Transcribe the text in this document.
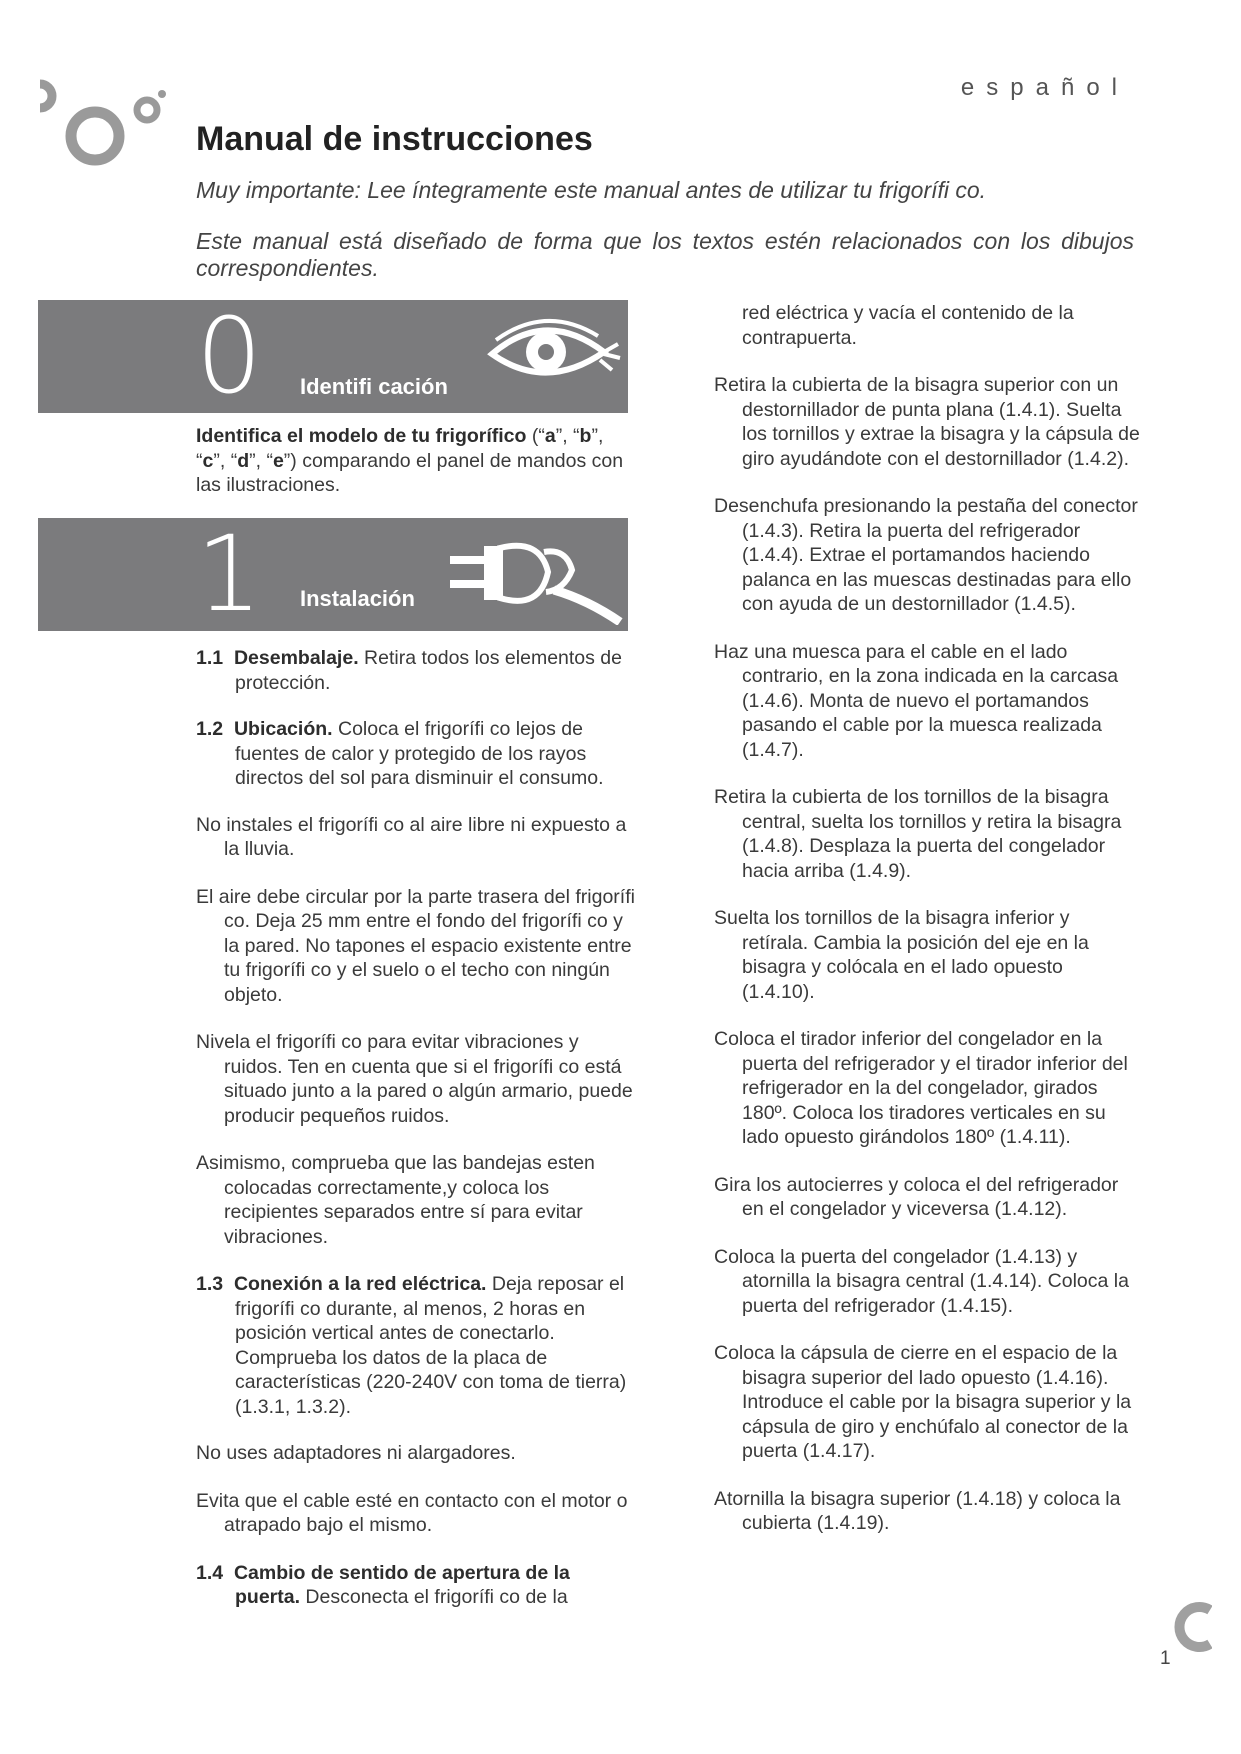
español
Manual de instrucciones
Muy importante: Lee íntegramente este manual antes de utilizar tu frigorífi co.
Este manual está diseñado de forma que los textos estén relacionados con los dibujos correspondientes.
0 Identifi cación
Identifica el modelo de tu frigorífico (“a”, “b”, “c”, “d”, “e”) comparando el panel de mandos con las ilustraciones.
1 Instalación

1.1 Desembalaje. Retira todos los elementos de protección.

1.2 Ubicación. Coloca el frigorífi co lejos de fuentes de calor y protegido de los rayos directos del sol para disminuir el consumo.

No instales el frigorífi co al aire libre ni expuesto a la lluvia.

El aire debe circular por la parte trasera del frigorífi co. Deja 25 mm entre el fondo del frigorífi co y la pared. No tapones el espacio existente entre tu frigorífi co y el suelo o el techo con ningún objeto.

Nivela el frigorífi co para evitar vibraciones y ruidos. Ten en cuenta que si el frigorífi co está situado junto a la pared o algún armario, puede producir pequeños ruidos.

Asimismo, comprueba que las bandejas esten colocadas correctamente,y coloca los recipientes separados entre sí para evitar vibraciones.

1.3 Conexión a la red eléctrica. Deja reposar el frigorífi co durante, al menos, 2 horas en posición vertical antes de conectarlo. Comprueba los datos de la placa de características (220-240V con toma de tierra) (1.3.1, 1.3.2).

No uses adaptadores ni alargadores.

Evita que el cable esté en contacto con el motor o atrapado bajo el mismo.

1.4 Cambio de sentido de apertura de la puerta. Desconecta el frigorífi co de la

red eléctrica y vacía el contenido de la contrapuerta.

Retira la cubierta de la bisagra superior con un destornillador de punta plana (1.4.1). Suelta los tornillos y extrae la bisagra y la cápsula de giro ayudándote con el destornillador (1.4.2).

Desenchufa presionando la pestaña del conector (1.4.3). Retira la puerta del refrigerador (1.4.4). Extrae el portamandos haciendo palanca en las muescas destinadas para ello con ayuda de un destornillador (1.4.5).

Haz una muesca para el cable en el lado contrario, en la zona indicada en la carcasa (1.4.6). Monta de nuevo el portamandos pasando el cable por la muesca realizada (1.4.7).

Retira la cubierta de los tornillos de la bisagra central, suelta los tornillos y retira la bisagra (1.4.8). Desplaza la puerta del congelador hacia arriba (1.4.9).

Suelta los tornillos de la bisagra inferior y retírala. Cambia la posición del eje en la bisagra y colócala en el lado opuesto (1.4.10).

Coloca el tirador inferior del congelador en la puerta del refrigerador y el tirador inferior del refrigerador en la del congelador, girados 180º. Coloca los tiradores verticales en su lado opuesto girándolos 180º (1.4.11).

Gira los autocierres y coloca el del refrigerador en el congelador y viceversa (1.4.12).

Coloca la puerta del congelador (1.4.13) y atornilla la bisagra central (1.4.14). Coloca la puerta del refrigerador (1.4.15).

Coloca la cápsula de cierre en el espacio de la bisagra superior del lado opuesto (1.4.16). Introduce el cable por la bisagra superior y la cápsula de giro y enchúfalo al conector de la puerta (1.4.17).

Atornilla la bisagra superior (1.4.18) y coloca la cubierta (1.4.19).

1
